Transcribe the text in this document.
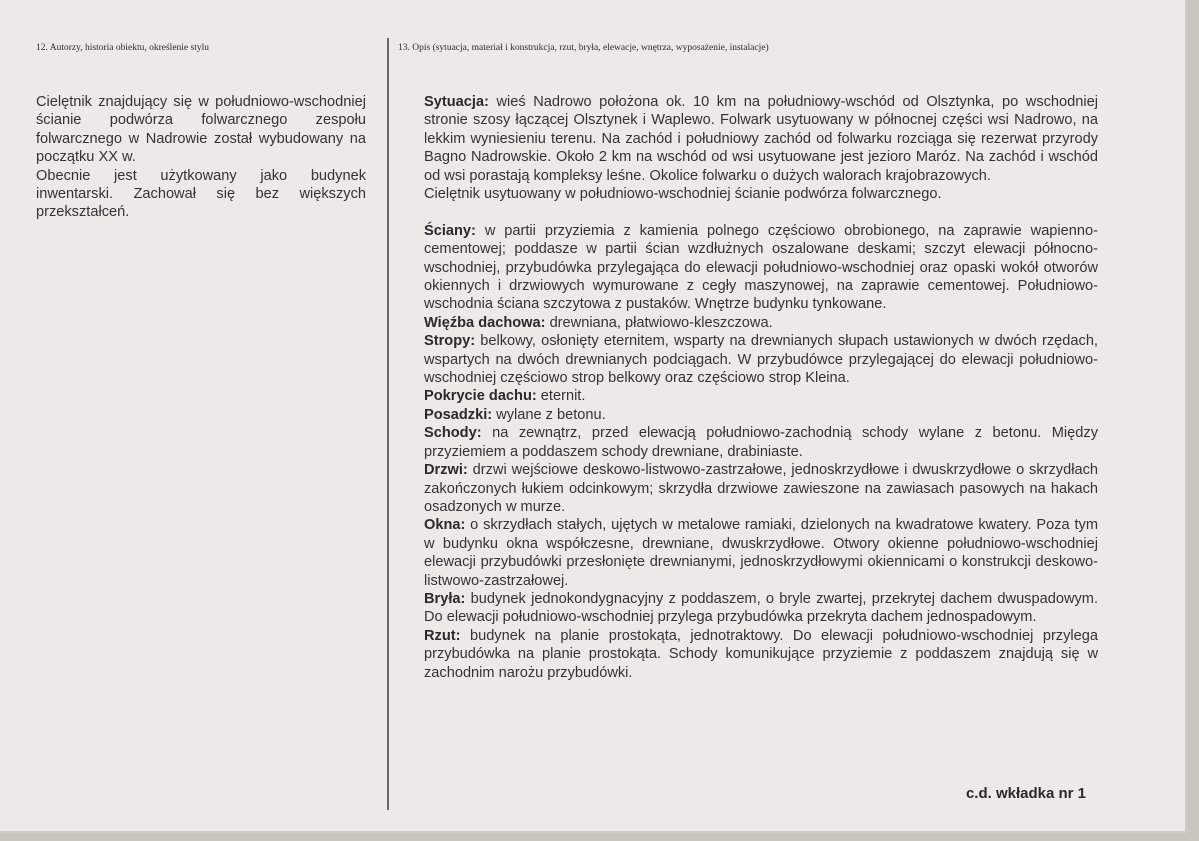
12. Autorzy, historia obiektu, określenie stylu	13. Opis (sytuacja, materiał i konstrukcja, rzut, bryła, elewacje, wnętrza, wyposażenie, instalacje)

Cielętnik znajdujący się w południowo-wschodniej ścianie podwórza folwarcznego zespołu folwarcznego w Nadrowie został wybudowany na początku XX w.

Obecnie jest użytkowany jako budynek inwentarski. Zachował się bez większych przekształceń.

Sytuacja: wieś Nadrowo położona ok. 10 km na południowy-wschód od Olsztynka, po wschodniej stronie szosy łączącej Olsztynek i Waplewo. Folwark usytuowany w północnej części wsi Nadrowo, na lekkim wyniesieniu terenu. Na zachód i południowy zachód od folwarku rozciąga się rezerwat przyrody Bagno Nadrowskie. Około 2 km na wschód od wsi usytuowane jest jezioro Maróz. Na zachód i wschód od wsi porastają kompleksy leśne. Okolice folwarku o dużych walorach krajobrazowych.

Cielętnik usytuowany w południowo-wschodniej ścianie podwórza folwarcznego.

Ściany: w partii przyziemia z kamienia polnego częściowo obrobionego, na zaprawie wapienno-cementowej; poddasze w partii ścian wzdłużnych oszalowane deskami; szczyt elewacji północno-wschodniej, przybudówka przylegająca do elewacji południowo-wschodniej oraz opaski wokół otworów okiennych i drzwiowych wymurowane z cegły maszynowej, na zaprawie cementowej. Południowo-wschodnia ściana szczytowa z pustaków. Wnętrze budynku tynkowane.

Więźba dachowa: drewniana, płatwiowo-kleszczowa.

Stropy: belkowy, osłonięty eternitem, wsparty na drewnianych słupach ustawionych w dwóch rzędach, wspartych na dwóch drewnianych podciągach. W przybudówce przylegającej do elewacji południowo-wschodniej częściowo strop belkowy oraz częściowo strop Kleina.

Pokrycie dachu: eternit.

Posadzki: wylane z betonu.

Schody: na zewnątrz, przed elewacją południowo-zachodnią schody wylane z betonu. Między przyziemiem a poddaszem schody drewniane, drabiniaste.

Drzwi: drzwi wejściowe deskowo-listwowo-zastrzałowe, jednoskrzydłowe i dwuskrzydłowe o skrzydłach zakończonych łukiem odcinkowym; skrzydła drzwiowe zawieszone na zawiasach pasowych na hakach osadzonych w murze.

Okna: o skrzydłach stałych, ujętych w metalowe ramiaki, dzielonych na kwadratowe kwatery. Poza tym w budynku okna współczesne, drewniane, dwuskrzydłowe. Otwory okienne południowo-wschodniej elewacji przybudówki przesłonięte drewnianymi, jednoskrzydłowymi okiennicami o konstrukcji deskowo-listwowo-zastrzałowej.

Bryła: budynek jednokondygnacyjny z poddaszem, o bryle zwartej, przekrytej dachem dwuspadowym. Do elewacji południowo-wschodniej przylega przybudówka przekryta dachem jednospadowym.

Rzut: budynek na planie prostokąta, jednotraktowy. Do elewacji południowo-wschodniej przylega przybudówka na planie prostokąta. Schody komunikujące przyziemie z poddaszem znajdują się w zachodnim narożu przybudówki.

c.d. wkładka nr 1
